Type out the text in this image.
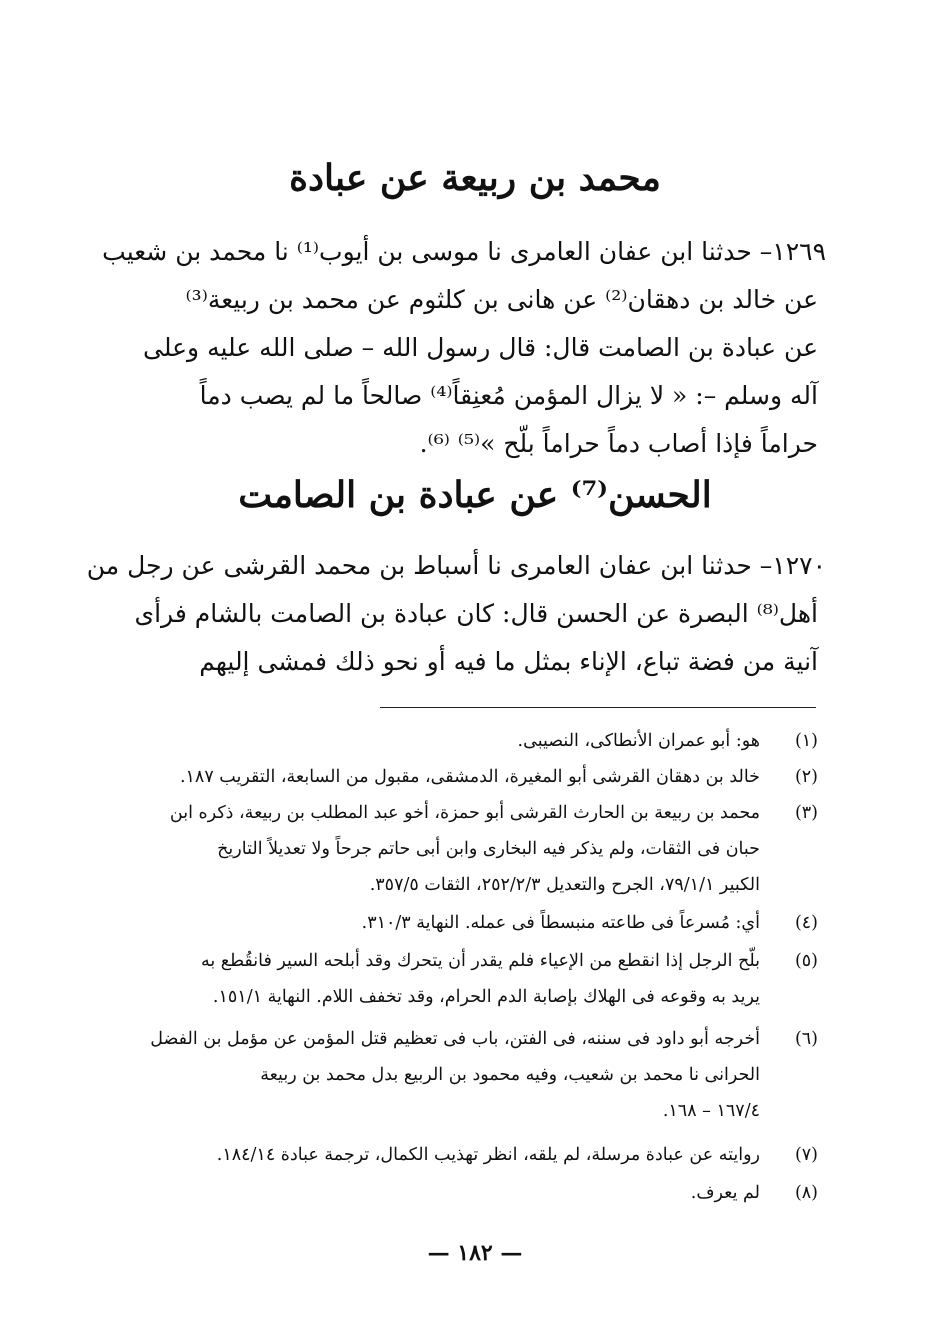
محمد بن ربيعة عن عبادة
١٢٦٩– حدثنا ابن عفان العامرى نا موسى بن أيوب⁽¹⁾ نا محمد بن شعيب
عن خالد بن دهقان⁽²⁾ عن هانى بن كلثوم عن محمد بن ربيعة⁽³⁾
عن عبادة بن الصامت قال: قال رسول الله – صلى الله عليه وعلى
آله وسلم –: « لا يزال المؤمن مُعنِقاً⁽⁴⁾ صالحاً ما لم يصب دماً
حراماً فإذا أصاب دماً حراماً بلّح »⁽⁵⁾ ⁽⁶⁾.
الحسن⁽⁷⁾ عن عبادة بن الصامت
١٢٧٠– حدثنا ابن عفان العامرى نا أسباط بن محمد القرشى عن رجل من
أهل⁽⁸⁾ البصرة عن الحسن قال: كان عبادة بن الصامت بالشام فرأى
آنية من فضة تباع، الإناء بمثل ما فيه أو نحو ذلك فمشى إليهم
(١)هو: أبو عمران الأنطاكى، النصيبى.
(٢)خالد بن دهقان القرشى أبو المغيرة، الدمشقى، مقبول من السابعة، التقريب ١٨٧.
(٣)محمد بن ربيعة بن الحارث القرشى أبو حمزة، أخو عبد المطلب بن ربيعة، ذكره ابن
حبان فى الثقات، ولم يذكر فيه البخارى وابن أبى حاتم جرحاً ولا تعديلاً التاريخ
الكبير ٧٩/١/١، الجرح والتعديل ٢٥٢/٢/٣، الثقات ٣٥٧/٥.
(٤)أي: مُسرعاً فى طاعته منبسطاً فى عمله. النهاية ٣١٠/٣.
(٥)بلّح الرجل إذا انقطع من الإعياء فلم يقدر أن يتحرك وقد أبلحه السير فانقُطع به
يريد به وقوعه فى الهلاك بإصابة الدم الحرام، وقد تخفف اللام. النهاية ١٥١/١.
(٦)أخرجه أبو داود فى سننه، فى الفتن، باب فى تعظيم قتل المؤمن عن مؤمل بن الفضل
الحرانى نا محمد بن شعيب، وفيه محمود بن الربيع بدل محمد بن ربيعة
١٦٧/٤ – ١٦٨.
(٧)روايته عن عبادة مرسلة، لم يلقه، انظر تهذيب الكمال، ترجمة عبادة ١٨٤/١٤.
(٨)لم يعرف.
— ١٨٢ —
